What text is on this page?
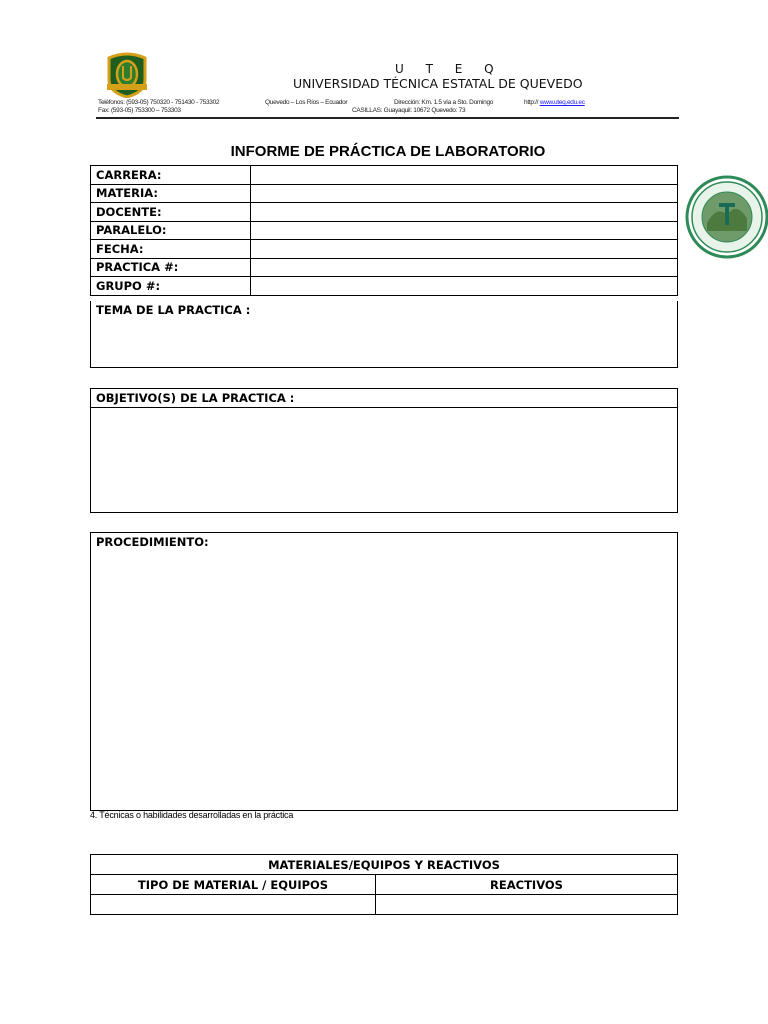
U T E Q
UNIVERSIDAD TÉCNICA ESTATAL DE QUEVEDO
Teléfonos: (593-05) 750320 - 751430 - 753302
Fax: (593-05) 753300 – 753303
Quevedo – Los Ríos – Ecuador	Dirección: Km. 1.5 vía a Sto. Domingo
CASILLAS: Guayaquil: 10672 Quevedo: 73
http:// www.uteq.edu.ec
INFORME DE PRÁCTICA DE LABORATORIO
CARRERA:	
MATERIA:	
DOCENTE:	
PARALELO:	
FECHA:	
PRACTICA #:	
GRUPO #:	
TEMA DE LA PRACTICA :
OBJETIVO(S) DE LA PRACTICA :
PROCEDIMIENTO:
4. Técnicas o habilidades desarrolladas en la práctica
MATERIALES/EQUIPOS Y REACTIVOS	
TIPO DE MATERIAL / EQUIPOS	REACTIVOS
